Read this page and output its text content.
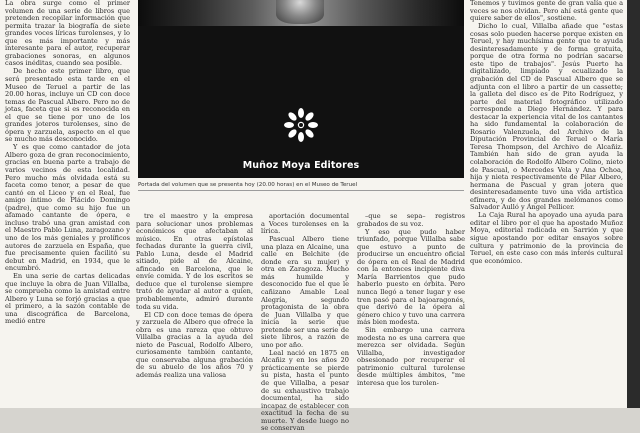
La obra surge como el primer volumen de una serie de libros que pretenden recopilar información que permita trazar la biografía de siete grandes voces líricas turolenses, y lo que es más importante y más interesante para el autor, recuperar grabaciones sonoras, en algunos casos inéditas, cuando sea posible.

De hecho este primer libro, que será presentado esta tarde en el Museo de Teruel a partir de las 20.00 horas, incluye un CD con doce temas de Pascual Albero. Pero no de jotas, faceta que si es reconocida en el que se tiene por uno de los grandes joteros turolenses, sino de ópera y zarzuela, aspecto en el que se mucho más desconocido.

Y es que como cantador de jota Albero goza de gran reconocimiento, gracias en buena parte a trabajo de varios vecinos de esta localidad. Pero mucho más olvidada está su faceta como tenor, a pesar de que cantó en el Liceo y en el Real, fue amigo íntimo de Plácido Domingo (padre), que como su hijo fue un afamado cantante de ópera, e incluso trabó una gran amistad con el Maestro Pablo Luna, zaragozano y uno de los más geniales y prolíficos autores de zarzuela en España, que fue precisamente quien facilitó su debut en Madrid, en 1934, que le encumbró.

En una serie de cartas delicadas que incluye la obra de Juan Villalba, se comprueba como la amistad entre Albero y Luna se forjó gracias a que el primero, a la sazón contable de una discográfica de Barcelona, medió entre

Muñoz Moya Editores
Portada del volumen que se presenta hoy (20.00 horas) en el Museo de Teruel

tre el maestro y la empresa para solucionar unos problemas económicos que afectaban al músico. En otras epístolas fechadas durante la guerra civil, Pablo Luna, desde el Madrid sitiado, pide al de Alcaine, afincado en Barcelona, que le envíe comida. Y de los escritos se deduce que el turolense siempre trató de ayudar al autor a quien, probablemente, admiró durante toda su vida.

El CD con doce temas de ópera y zarzuela de Albero que ofrece la obra es una rareza que obtuvo Villalba gracias a la ayuda del nieto de Pascual, Rodolfo Albero, curiosamente también cantante, que conservaba alguna grabación de su abuelo de los años 70 y además realiza una valiosa

aportación documental a Voces turolenses en la lírica.

Pascual Albero tiene una plaza en Alcaine, una calle en Belchite (de donde era su mujer) y otra en Zaragoza. Mucho más humilde y desconocido fue el que le cañizano Amable Leal Alegría, segundo protagonista de la obra de Juan Villalba y que inicia la serie que pretende ser una serie de siete libros, a razón de uno por año.

Leal nació en 1875 en Alcañiz y en los años 20 prácticamente se pierde su pista, hasta el punto de que Villalba, a pesar de su exhaustivo trabajo documental, ha sido incapaz de establecer con exactitud la fecha de su muerte. Y desde luego no se conservan

–que se sepa– registros grabados de su voz.

Y eso que pudo haber triunfado, porque Villalba sabe que estuvo a punto de producirse un encuentro oficial de ópera en el Real de Madrid con la entonces incipiente diva María Barrientos que pudo haberlo puesto en órbita. Pero nunca llegó a tener lugar y ese tren pasó para el bajoaragonés, que derivó de la ópera al género chico y tuvo una carrera más bien modesta.

Sin embargo una carrera modesta no es una carrera que merezca ser olvidada. Según Villalba, investigador obsesionado por recuperar el patrimonio cultural turolense desde múltiples ámbitos, "me interesa que los turolen-

Tenemos y tuvimos gente de gran valía que a veces se nos olvidan. Pero ahí está gente que quiere saber de ellos", sostiene.

Dicho lo cual, Villalba añade que "estas cosas solo pueden hacerse porque existen en Teruel, y hay muchísima gente que te ayuda desinteresadamente y de forma gratuita, porque de otra forma no podrían sacarse este tipo de trabajos". Jesús Puerto ha digitalizado, limpiado y ecualizado la grabación del CD de Pascual Albero que se adjunta con el libro a partir de un cassette; la galleta del disco es de Pito Rodríguez, y parte del material fotográfico utilizado corresponde a Diego Hernández. Y para destacar la experiencia vital de los cantantes ha sido fundamental la colaboración de Rosario Valenzuela, del Archivo de la Diputación Provincial de Teruel o María Teresa Thompson, del Archivo de Alcañiz. También han sido de gran ayuda la colaboración de Rodolfo Albero Colino, nieto de Pascual, o Mercedes Vela y Ana Ochoa, hija y nieta respectivamente de Pilar Albero, hermana de Pascual y gran jotera que desinteresadamente tuvo una vida artística efímera, y de dos grandes melómanos como Salvador Aulló y Ángel Pellicer.

La Caja Rural ha apoyado una ayuda para editar el libro por el que ha apostado Muñoz Moya, editorial radicada en Sarrión y que sigue apostando por editar ensayos sobre cultura y patrimonio de la provincia de Teruel, en este caso con más interés cultural que económico.
